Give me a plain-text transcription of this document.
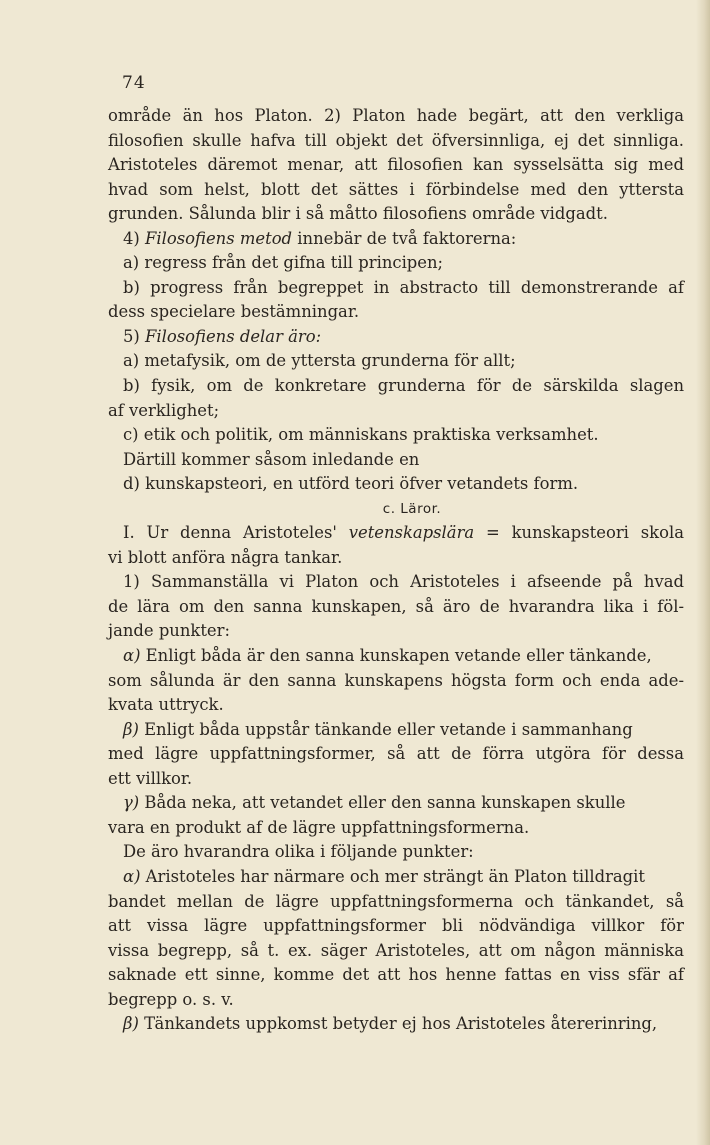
74
område än hos Platon. 2) Platon hade begärt, att den verkliga
filosofien skulle hafva till objekt det öfversinnliga, ej det sinnliga.
Aristoteles däremot menar, att filosofien kan sysselsätta sig med
hvad som helst, blott det sättes i förbindelse med den yttersta
grunden. Sålunda blir i så måtto filosofiens område vidgadt.
4) Filosofiens metod innebär de två faktorerna:
a) regress från det gifna till principen;
b) progress från begreppet in abstracto till demonstrerande af
dess specielare bestämningar.
5) Filosofiens delar äro:
a) metafysik, om de yttersta grunderna för allt;
b) fysik, om de konkretare grunderna för de särskilda slagen
af verklighet;
c) etik och politik, om människans praktiska verksamhet.
Därtill kommer såsom inledande en
d) kunskapsteori, en utförd teori öfver vetandets form.
c. Läror.
I. Ur denna Aristoteles' vetenskapslära = kunskapsteori skola
vi blott anföra några tankar.
1) Sammanställa vi Platon och Aristoteles i afseende på hvad
de lära om den sanna kunskapen, så äro de hvarandra lika i föl-
jande punkter:
α) Enligt båda är den sanna kunskapen vetande eller tänkande,
som sålunda är den sanna kunskapens högsta form och enda ade-
kvata uttryck.
β) Enligt båda uppstår tänkande eller vetande i sammanhang
med lägre uppfattningsformer, så att de förra utgöra för dessa
ett villkor.
γ) Båda neka, att vetandet eller den sanna kunskapen skulle
vara en produkt af de lägre uppfattningsformerna.
De äro hvarandra olika i följande punkter:
α) Aristoteles har närmare och mer strängt än Platon tilldragit
bandet mellan de lägre uppfattningsformerna och tänkandet, så
att vissa lägre uppfattningsformer bli nödvändiga villkor för
vissa begrepp, så t. ex. säger Aristoteles, att om någon människa
saknade ett sinne, komme det att hos henne fattas en viss sfär af
begrepp o. s. v.
β) Tänkandets uppkomst betyder ej hos Aristoteles återerinring,
